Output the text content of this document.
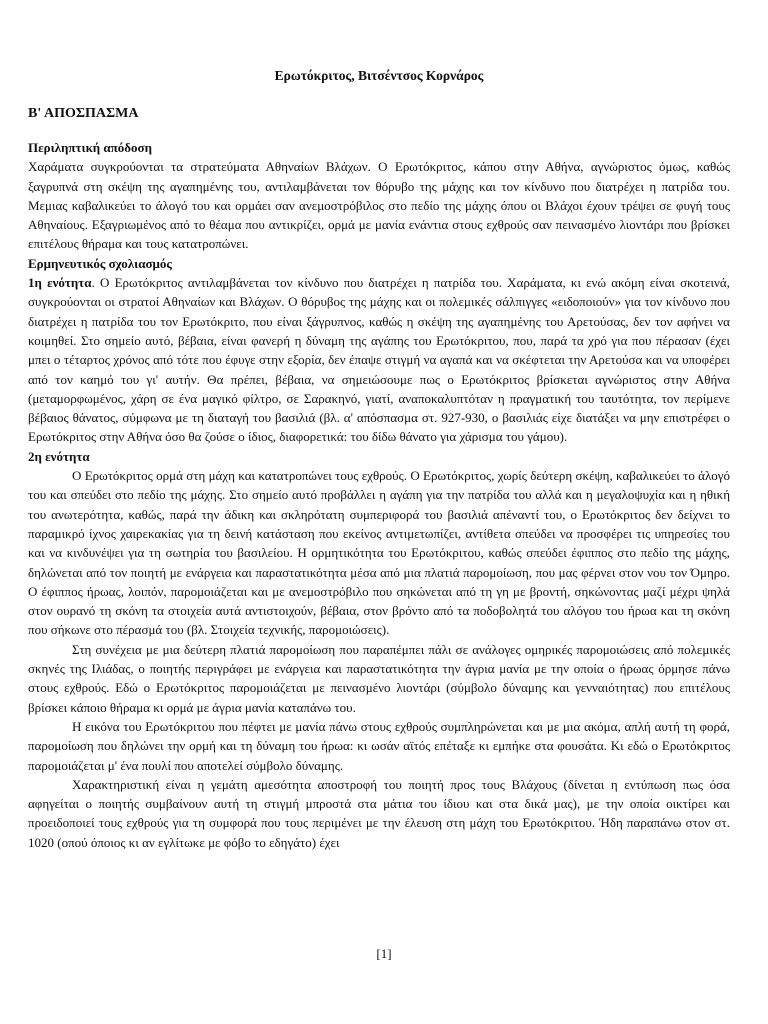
Ερωτόκριτος, Βιτσέντσος Κορνάρος
Β' ΑΠΟΣΠΑΣΜΑ
Περιληπτική απόδοση

Χαράματα συγκρούονται τα στρατεύματα Αθηναίων Βλάχων. Ο Ερωτόκριτος, κάπου στην Αθήνα, αγνώριστος όμως, καθώς ξαγρυπνά στη σκέψη της αγαπημένης του, αντιλαμβάνεται τον θόρυβο της μάχης και τον κίνδυνο που διατρέχει η πατρίδα του. Μεμιας καβαλικεύει το άλογό του και ορμάει σαν ανεμοστρόβιλος στο πεδίο της μάχης όπου οι Βλάχοι έχουν τρέψει σε φυγή τους Αθηναίους. Εξαγριωμένος από το θέαμα που αντικρίζει, ορμά με μανία ενάντια στους εχθρούς σαν πεινασμένο λιοντάρι που βρίσκει επιτέλους θήραμα και τους κατατροπώνει.

Ερμηνευτικός σχολιασμός

1η ενότητα. Ο Ερωτόκριτος αντιλαμβάνεται τον κίνδυνο που διατρέχει η πατρίδα του. Χαράματα, κι ενώ ακόμη είναι σκοτεινά, συγκρούονται οι στρατοί Αθηναίων και Βλάχων. Ο θόρυβος της μάχης και οι πολεμικές σάλπιγγες «ειδοποιούν» για τον κίνδυνο που διατρέχει η πατρίδα του τον Ερωτόκριτο, που είναι ξάγρυπνος, καθώς η σκέψη της αγαπημένης του Αρετούσας, δεν τον αφήνει να κοιμηθεί. Στο σημείο αυτό, βέβαια, είναι φανερή η δύναμη της αγάπης του Ερωτόκριτου, που, παρά τα χρό για που πέρασαν (έχει μπει ο τέταρτος χρόνος από τότε που έφυγε στην εξορία, δεν έπαψε στιγμή να αγαπά και να σκέφτεται την Αρετούσα και να υποφέρει από τον καημό του γι' αυτήν. Θα πρέπει, βέβαια, να σημειώσουμε πως ο Ερωτόκριτος βρίσκεται αγνώριστος στην Αθήνα (μεταμορφωμένος, χάρη σε ένα μαγικό φίλτρο, σε Σαρακηνό, γιατί, αναποκαλυπτόταν η πραγματική του ταυτότητα, τον περίμενε βέβαιος θάνατος, σύμφωνα με τη διαταγή του βασιλιά (βλ. α' απόσπασμα στ. 927-930, ο βασιλιάς είχε διατάξει να μην επιστρέφει ο Ερωτόκριτος στην Αθήνα όσο θα ζούσε ο ίδιος, διαφορετικά: του δίδω θάνατο για χάρισμα του γάμου).

2η ενότητα

Ο Ερωτόκριτος ορμά στη μάχη και κατατροπώνει τους εχθρούς. Ο Ερωτόκριτος, χωρίς δεύτερη σκέψη, καβαλικεύει το άλογό του και σπεύδει στο πεδίο της μάχης. Στο σημείο αυτό προβάλλει η αγάπη για την πατρίδα του αλλά και η μεγαλοψυχία και η ηθική του ανωτερότητα, καθώς, παρά την άδικη και σκληρότατη συμπεριφορά του βασιλιά απέναντί του, ο Ερωτόκριτος δεν δείχνει το παραμικρό ίχνος χαιρεκακίας για τη δεινή κατάσταση που εκείνος αντιμετωπίζει, αντίθετα σπεύδει να προσφέρει τις υπηρεσίες του και να κινδυνέψει για τη σωτηρία του βασιλείου. Η ορμητικότητα του Ερωτόκριτου, καθώς σπεύδει έφιππος στο πεδίο της μάχης, δηλώνεται από τον ποιητή με ενάργεια και παραστατικότητα μέσα από μια πλατιά παρομοίωση, που μας φέρνει στον νου τον Όμηρο. Ο έφιππος ήρωας, λοιπόν, παρομοιάζεται και με ανεμοστρόβιλο που σηκώνεται από τη γη με βροντή, σηκώνοντας μαζί μέχρι ψηλά στον ουρανό τη σκόνη τα στοιχεία αυτά αντιστοιχούν, βέβαια, στον βρόντο από τα ποδοβολητά του αλόγου του ήρωα και τη σκόνη που σήκωνε στο πέρασμά του (βλ. Στοιχεία τεχνικής, παρομοιώσεις).

Στη συνέχεια με μια δεύτερη πλατιά παρομοίωση που παραπέμπει πάλι σε ανάλογες ομηρικές παρομοιώσεις από πολεμικές σκηνές της Ιλιάδας, ο ποιητής περιγράφει με ενάργεια και παραστατικότητα την άγρια μανία με την οποία ο ήρωας όρμησε πάνω στους εχθρούς. Εδώ ο Ερωτόκριτος παρομοιάζεται με πεινασμένο λιοντάρι (σύμβολο δύναμης και γενναιότητας) που επιτέλους βρίσκει κάποιο θήραμα κι ορμά με άγρια μανία καταπάνω του.

Η εικόνα του Ερωτόκριτου που πέφτει με μανία πάνω στους εχθρούς συμπληρώνεται και με μια ακόμα, απλή αυτή τη φορά, παρομοίωση που δηλώνει την ορμή και τη δύναμη του ήρωα: κι ωσάν αϊτός επέταξε κι εμπήκε στα φουσάτα. Κι εδώ ο Ερωτόκριτος παρομοιάζεται μ' ένα πουλί που αποτελεί σύμβολο δύναμης.

Χαρακτηριστική είναι η γεμάτη αμεσότητα αποστροφή του ποιητή προς τους Βλάχους (δίνεται η εντύπωση πως όσα αφηγείται ο ποιητής συμβαίνουν αυτή τη στιγμή μπροστά στα μάτια του ίδιου και στα δικά μας), με την οποία οικτίρει και προειδοποιεί τους εχθρούς για τη συμφορά που τους περιμένει με την έλευση στη μάχη του Ερωτόκριτου. Ήδη παραπάνω στον στ. 1020 (οπού όποιος κι αν εγλίτωκε με φόβο το εδηγάτο) έχει

[1]
